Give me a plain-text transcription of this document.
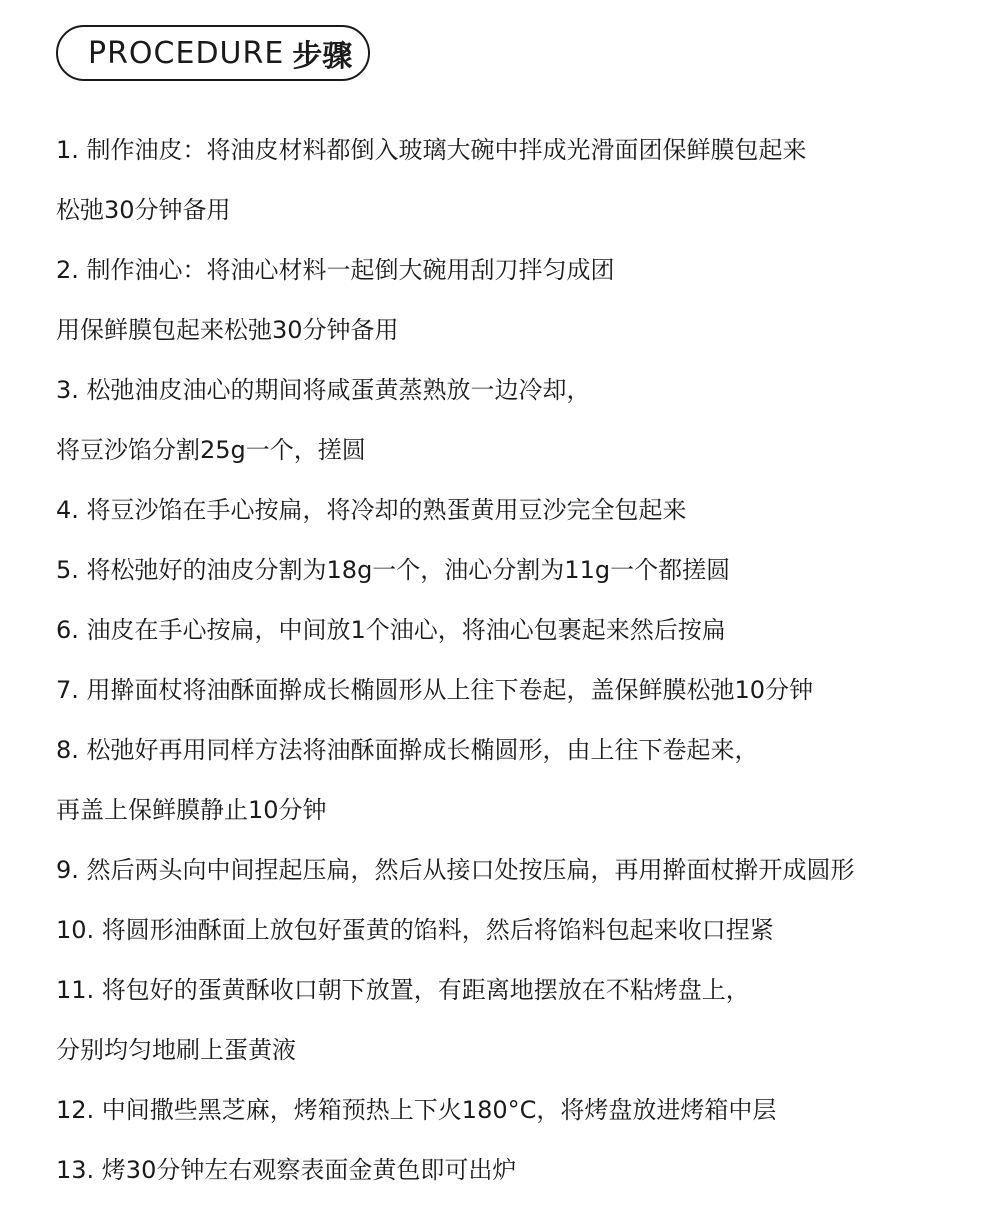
PROCEDURE 步骤
1. 制作油皮：将油皮材料都倒入玻璃大碗中拌成光滑面团保鲜膜包起来
松弛30分钟备用
2. 制作油心：将油心材料一起倒大碗用刮刀拌匀成团
用保鲜膜包起来松弛30分钟备用
3. 松弛油皮油心的期间将咸蛋黄蒸熟放一边冷却，
将豆沙馅分割25g一个，搓圆
4. 将豆沙馅在手心按扁，将冷却的熟蛋黄用豆沙完全包起来
5. 将松弛好的油皮分割为18g一个，油心分割为11g一个都搓圆
6. 油皮在手心按扁，中间放1个油心，将油心包裹起来然后按扁
7. 用擀面杖将油酥面擀成长椭圆形从上往下卷起，盖保鲜膜松弛10分钟
8. 松弛好再用同样方法将油酥面擀成长椭圆形，由上往下卷起来，
再盖上保鲜膜静止10分钟
9. 然后两头向中间捏起压扁，然后从接口处按压扁，再用擀面杖擀开成圆形
10. 将圆形油酥面上放包好蛋黄的馅料，然后将馅料包起来收口捏紧
11. 将包好的蛋黄酥收口朝下放置，有距离地摆放在不粘烤盘上，
分别均匀地刷上蛋黄液
12. 中间撒些黑芝麻，烤箱预热上下火180°C，将烤盘放进烤箱中层
13. 烤30分钟左右观察表面金黄色即可出炉
